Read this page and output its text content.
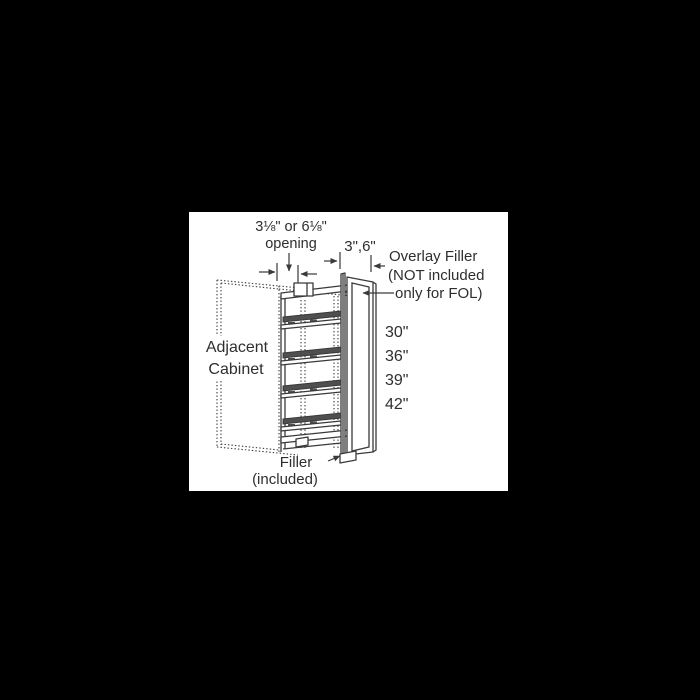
3⅛" or 6⅛"
opening 3",6"
Overlay Filler
(NOT included
only for FOL)
Adjacent
Cabinet
30"
36"
39"
42"
Filler
(included)
